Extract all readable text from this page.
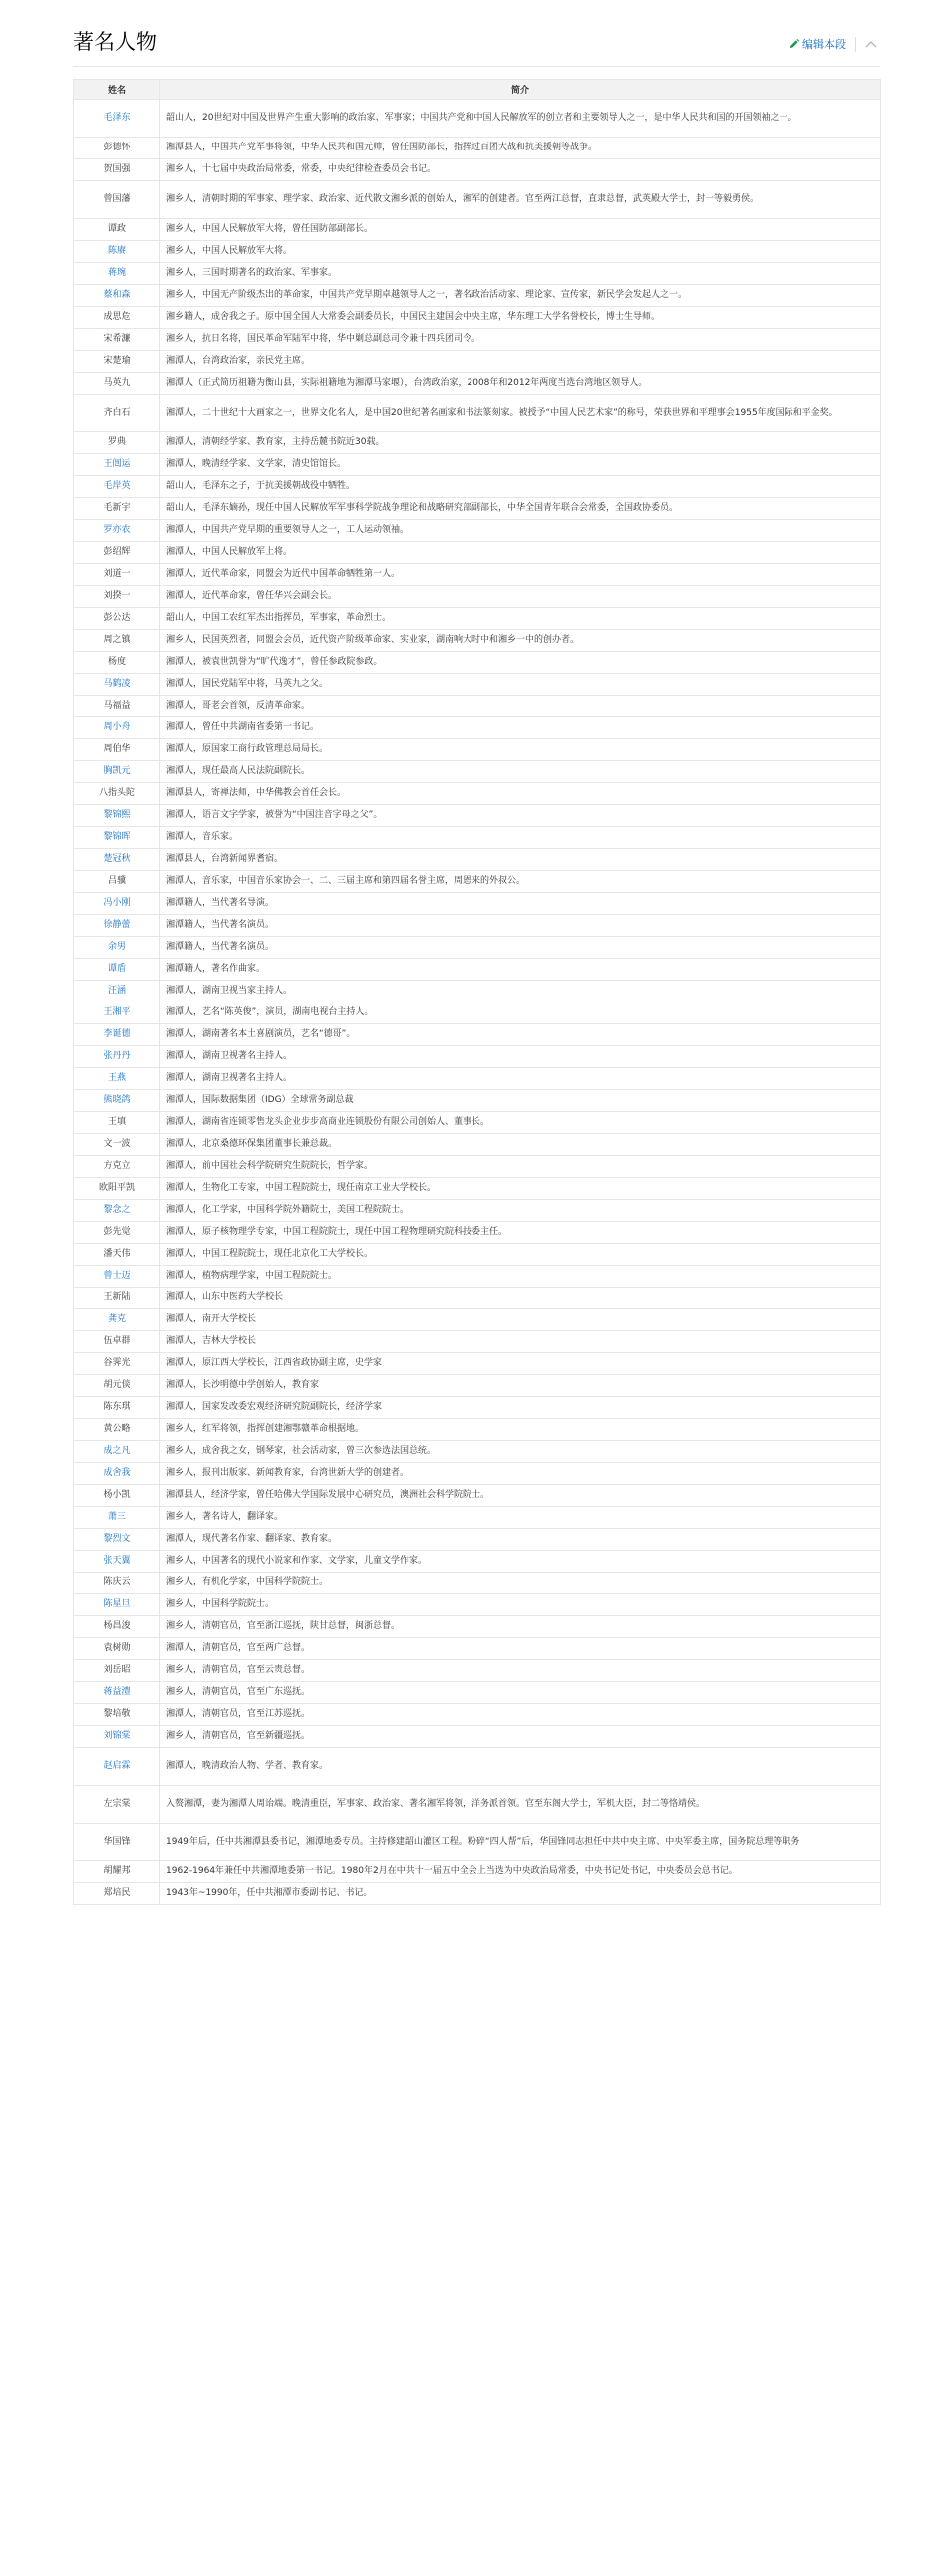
著名人物	编辑本段
姓名	简介
毛泽东	韶山人，20世纪对中国及世界产生重大影响的政治家、军事家；中国共产党和中国人民解放军的创立者和主要领导人之一，是中华人民共和国的开国领袖之一。
彭德怀	湘潭县人，中国共产党军事将领，中华人民共和国元帅，曾任国防部长，指挥过百团大战和抗美援朝等战争。
贺国强	湘乡人，十七届中央政治局常委，常委，中央纪律检查委员会书记。
曾国藩	湘乡人，清朝时期的军事家、理学家、政治家、近代散文湘乡派的创始人，湘军的创建者。官至两江总督，直隶总督，武英殿大学士，封一等毅勇侯。
谭政	湘乡人，中国人民解放军大将，曾任国防部副部长。
陈赓	湘乡人，中国人民解放军大将。
蒋琬	湘乡人，三国时期著名的政治家、军事家。
蔡和森	湘乡人，中国无产阶级杰出的革命家，中国共产党早期卓越领导人之一，著名政治活动家、理论家、宣传家，新民学会发起人之一。
成思危	湘乡籍人，成舍我之子。原中国全国人大常委会副委员长，中国民主建国会中央主席，华东理工大学名誉校长，博士生导师。
宋希濂	湘乡人，抗日名将，国民革命军陆军中将，华中剿总副总司令兼十四兵团司令。
宋楚瑜	湘潭人，台湾政治家，亲民党主席。
马英九	湘潭人（正式简历祖籍为衡山县，实际祖籍地为湘潭马家堰），台湾政治家，2008年和2012年两度当选台湾地区领导人。
齐白石	湘潭人，二十世纪十大画家之一，世界文化名人，是中国20世纪著名画家和书法篆刻家。被授予“中国人民艺术家”的称号，荣获世界和平理事会1955年度国际和平金奖。
罗典	湘潭人，清朝经学家、教育家，主持岳麓书院近30载。
王闿运	湘潭人，晚清经学家、文学家，清史馆馆长。
毛岸英	韶山人，毛泽东之子，于抗美援朝战役中牺牲。
毛新宇	韶山人，毛泽东嫡孙，现任中国人民解放军军事科学院战争理论和战略研究部副部长，中华全国青年联合会常委，全国政协委员。
罗亦农	湘潭人，中国共产党早期的重要领导人之一，工人运动领袖。
彭绍辉	湘潭人，中国人民解放军上将。
刘道一	湘潭人，近代革命家，同盟会为近代中国革命牺牲第一人。
刘揆一	湘潭人，近代革命家，曾任华兴会副会长。
彭公达	韶山人，中国工农红军杰出指挥员，军事家，革命烈士。
周之镇	湘乡人，民国英烈者，同盟会会员，近代资产阶级革命家、实业家，湖南响大时中和湘乡一中的创办者。
杨度	湘潭人，被袁世凯誉为“旷代逸才”，曾任参政院参政。
马鹤凌	湘潭人，国民党陆军中将，马英九之父。
马福益	湘潭人，哥老会首领，反清革命家。
周小舟	湘潭人，曾任中共湖南省委第一书记。
周伯华	湘潭人，原国家工商行政管理总局局长。
胸凯元	湘潭人，现任最高人民法院副院长。
八指头陀	湘潭县人，寄禅法师，中华佛教会首任会长。
黎锦熙	湘潭人，语言文字学家，被誉为“中国注音字母之父”。
黎锦晖	湘潭人，音乐家。
楚冠秋	湘潭县人，台湾新闻界耆宿。
吕骥	湘潭人，音乐家，中国音乐家协会一、二、三届主席和第四届名誉主席，周恩来的外叔公。
冯小刚	湘潭籍人，当代著名导演。
徐静蕾	湘潭籍人，当代著名演员。
余男	湘潭籍人，当代著名演员。
谭盾	湘潭籍人，著名作曲家。
汪涵	湘潭人，湖南卫视当家主持人。
王湘平	湘潭人，艺名“陈英俊”，演员，湖南电视台主持人。
李诞德	湘潭人，湖南著名本土喜剧演员，艺名“德哥”。
张丹丹	湘潭人，湖南卫视著名主持人。
王燕	湘潭人，湖南卫视著名主持人。
熊晓鸽	湘潭人，国际数据集团（IDG）全球常务副总裁
王填	湘潭人，湖南省连锁零售龙头企业步步高商业连锁股份有限公司创始人、董事长。
文一波	湘潭人，北京桑德环保集团董事长兼总裁。
方克立	湘潭人，前中国社会科学院研究生院院长，哲学家。
欧阳平凯	湘潭人，生物化工专家，中国工程院院士，现任南京工业大学校长。
黎念之	湘潭人，化工学家，中国科学院外籍院士，美国工程院院士。
彭先觉	湘潭人，原子核物理学专家，中国工程院院士，现任中国工程物理研究院科技委主任。
潘天伟	湘潭人，中国工程院院士，现任北京化工大学校长。
曾士迈	湘潭人，植物病理学家，中国工程院院士。
王新陆	湘潭人，山东中医药大学校长
龚克	湘潭人，南开大学校长
伍卓群	湘潭人，吉林大学校长
谷霁光	湘潭人，原江西大学校长，江西省政协副主席，史学家
胡元倓	湘潭人，长沙明德中学创始人，教育家
陈东琪	湘潭人，国家发改委宏观经济研究院副院长，经济学家
黄公略	湘乡人，红军将领，指挥创建湘鄂赣革命根据地。
成之凡	湘乡人，成舍我之女，钢琴家，社会活动家，曾三次参选法国总统。
成舍我	湘乡人，报刊出版家、新闻教育家，台湾世新大学的创建者。
杨小凯	湘潭县人，经济学家，曾任哈佛大学国际发展中心研究员，澳洲社会科学院院士。
萧三	湘乡人，著名诗人，翻译家。
黎烈文	湘潭人，现代著名作家、翻译家、教育家。
张天翼	湘乡人，中国著名的现代小说家和作家、文学家，儿童文学作家。
陈庆云	湘乡人，有机化学家，中国科学院院士。
陈星旦	湘乡人，中国科学院院士。
杨昌浚	湘乡人，清朝官员，官至浙江巡抚，陕甘总督，闽浙总督。
袁树勋	湘潭人，清朝官员，官至两广总督。
刘岳昭	湘乡人，清朝官员，官至云贵总督。
蒋益澧	湘乡人，清朝官员，官至广东巡抚。
黎培敬	湘潭人，清朝官员，官至江苏巡抚。
刘锦棠	湘乡人，清朝官员，官至新疆巡抚。
赵启霖	湘潭人，晚清政治人物、学者、教育家。
左宗棠	入赘湘潭，妻为湘潭人周诒端。晚清重臣，军事家、政治家、著名湘军将领，洋务派首领。官至东阁大学士，军机大臣，封二等恪靖侯。
华国锋	1949年后，任中共湘潭县委书记，湘潭地委专员。主持修建韶山灌区工程。粉碎“四人帮”后，华国锋同志担任中共中央主席、中央军委主席，国务院总理等职务
胡耀邦	1962-1964年兼任中共湘潭地委第一书记。1980年2月在中共十一届五中全会上当选为中央政治局常委，中央书记处书记，中央委员会总书记。
郑培民	1943年~1990年，任中共湘潭市委副书记、书记。
